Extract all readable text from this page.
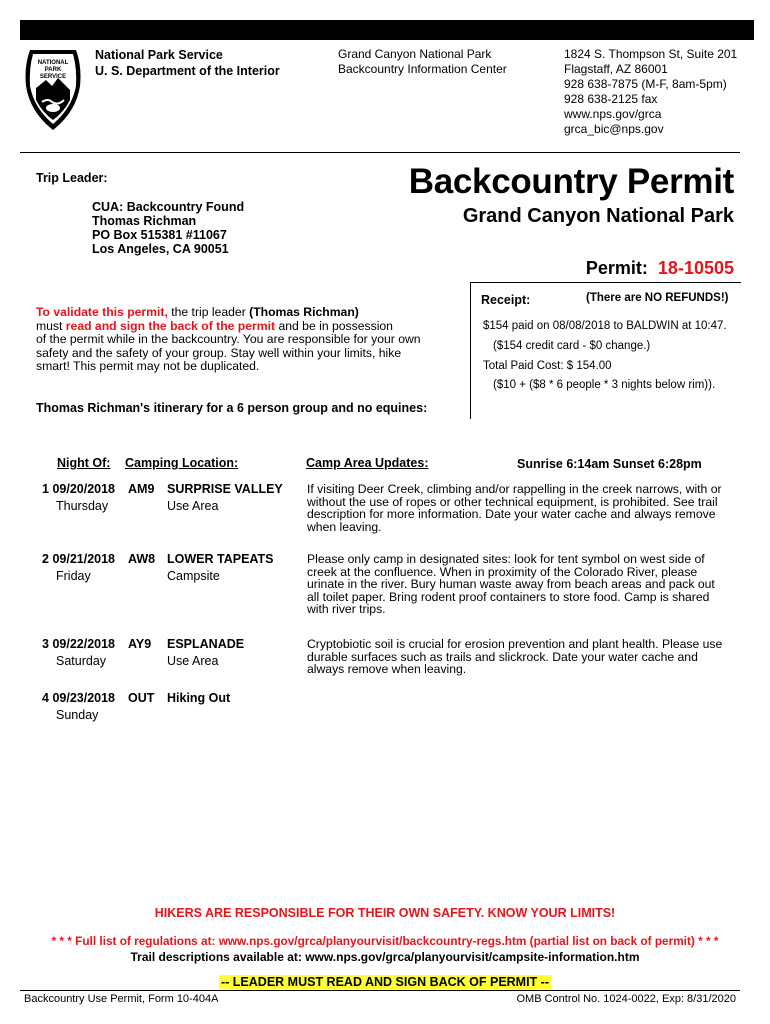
NATIONAL
PARK
SERVICE
National Park Service
U. S. Department of the Interior
Grand Canyon National Park
Backcountry Information Center
1824 S. Thompson St, Suite 201
Flagstaff, AZ 86001
928 638-7875 (M-F, 8am-5pm)
928 638-2125 fax
www.nps.gov/grca
grca_bic@nps.gov
Backcountry Permit
Grand Canyon National Park
Trip Leader:
CUA: Backcountry Found
Thomas Richman
PO Box 515381 #11067
Los Angeles, CA 90051
Permit: 18-10505
Receipt:	(There are NO REFUNDS!)
$154 paid on 08/08/2018 to BALDWIN at 10:47.
($154 credit card - $0 change.)
Total Paid Cost: $ 154.00
($10 + ($8 * 6 people * 3 nights below rim)).
To validate this permit, the trip leader (Thomas Richman)
must read and sign the back of the permit and be in possession
of the permit while in the backcountry. You are responsible for your own
safety and the safety of your group. Stay well within your limits, hike
smart! This permit may not be duplicated.
Thomas Richman's itinerary for a 6 person group and no equines:
Night Of: Camping Location:	Camp Area Updates:	Sunrise 6:14am Sunset 6:28pm
1 09/20/2018
Thursday
AM9 SURPRISE VALLEY
Use Area
If visiting Deer Creek, climbing and/or rappelling in the creek narrows, with or
without the use of ropes or other technical equipment, is prohibited. See trail
description for more information. Date your water cache and always remove
when leaving.
2 09/21/2018
Friday
AW8 LOWER TAPEATS
Campsite
Please only camp in designated sites: look for tent symbol on west side of
creek at the confluence. When in proximity of the Colorado River, please
urinate in the river. Bury human waste away from beach areas and pack out
all toilet paper. Bring rodent proof containers to store food. Camp is shared
with river trips.
3 09/22/2018
Saturday
AY9 ESPLANADE
Use Area
Cryptobiotic soil is crucial for erosion prevention and plant health. Please use
durable surfaces such as trails and slickrock. Date your water cache and
always remove when leaving.
4 09/23/2018
Sunday
OUT Hiking Out
HIKERS ARE RESPONSIBLE FOR THEIR OWN SAFETY. KNOW YOUR LIMITS!
* * * Full list of regulations at: www.nps.gov/grca/planyourvisit/backcountry-regs.htm (partial list on back of permit) * * *
Trail descriptions available at: www.nps.gov/grca/planyourvisit/campsite-information.htm
-- LEADER MUST READ AND SIGN BACK OF PERMIT --
Backcountry Use Permit, Form 10-404A	OMB Control No. 1024-0022, Exp: 8/31/2020
